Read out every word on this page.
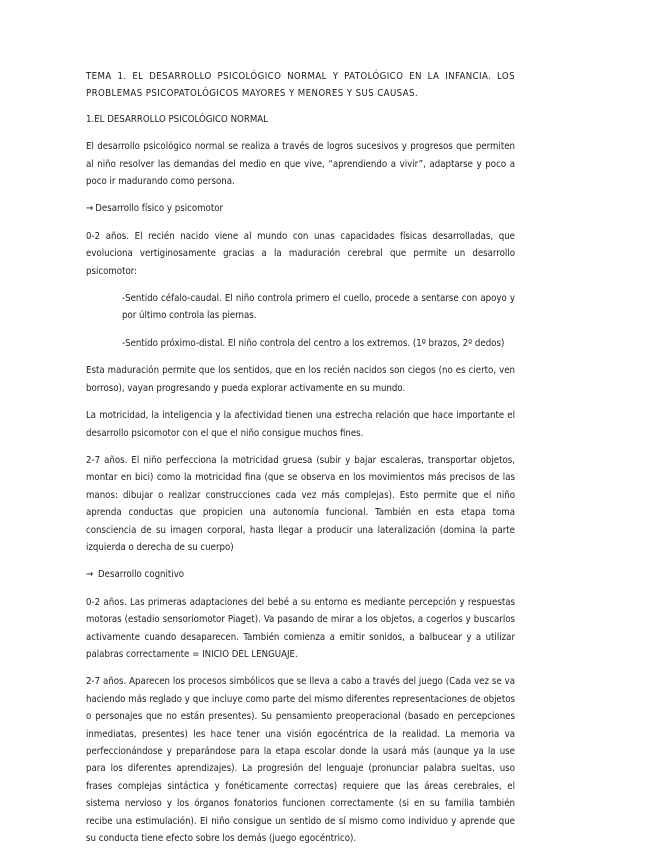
TEMA 1. EL DESARROLLO PSICOLÓGICO NORMAL Y PATOLÓGICO EN LA INFANCIA. LOS PROBLEMAS PSICOPATOLÓGICOS MAYORES Y MENORES Y SUS CAUSAS.

1.EL DESARROLLO PSICOLÓGICO NORMAL

El desarrollo psicológico normal se realiza a través de logros sucesivos y progresos que permiten al niño resolver las demandas del medio en que vive, “aprendiendo a vivir”, adaptarse y poco a poco ir madurando como persona.

→ Desarrollo físico y psicomotor

0-2 años. El recién nacido viene al mundo con unas capacidades físicas desarrolladas, que evoluciona vertiginosamente gracias a la maduración cerebral que permite un desarrollo psicomotor:

-Sentido céfalo-caudal. El niño controla primero el cuello, procede a sentarse con apoyo y por último controla las piernas.

-Sentido próximo-distal. El niño controla del centro a los extremos. (1º brazos, 2º dedos)

Esta maduración permite que los sentidos, que en los recién nacidos son ciegos (no es cierto, ven borroso), vayan progresando y pueda explorar activamente en su mundo.

La motricidad, la inteligencia y la afectividad tienen una estrecha relación que hace importante el desarrollo psicomotor con el que el niño consigue muchos fines.

2-7 años. El niño perfecciona la motricidad gruesa (subir y bajar escaleras, transportar objetos, montar en bici) como la motricidad fina (que se observa en los movimientos más precisos de las manos: dibujar o realizar construcciones cada vez más complejas). Esto permite que el niño aprenda conductas que propicien una autonomía funcional. También en esta etapa toma consciencia de su imagen corporal, hasta llegar a producir una lateralización (domina la parte izquierda o derecha de su cuerpo)

→ Desarrollo cognitivo

0-2 años. Las primeras adaptaciones del bebé a su entorno es mediante percepción y respuestas motoras (estadio sensoriomotor Piaget). Va pasando de mirar a los objetos, a cogerlos y buscarlos activamente cuando desaparecen. También comienza a emitir sonidos, a balbucear y a utilizar palabras correctamente = INICIO DEL LENGUAJE.

2-7 años. Aparecen los procesos simbólicos que se lleva a cabo a través del juego (Cada vez se va haciendo más reglado y que incluye como parte del mismo diferentes representaciones de objetos o personajes que no están presentes). Su pensamiento preoperacional (basado en percepciones inmediatas, presentes) les hace tener una visión egocéntrica de la realidad. La memoria va perfeccionándose y preparándose para la etapa escolar donde la usará más (aunque ya la use para los diferentes aprendizajes). La progresión del lenguaje (pronunciar palabra sueltas, uso frases complejas sintáctica y fonéticamente correctas) requiere que las áreas cerebrales, el sistema nervioso y los órganos fonatorios funcionen correctamente (si en su familia también recibe una estimulación). El niño consigue un sentido de sí mismo como individuo y aprende que su conducta tiene efecto sobre los demás (juego egocéntrico).
